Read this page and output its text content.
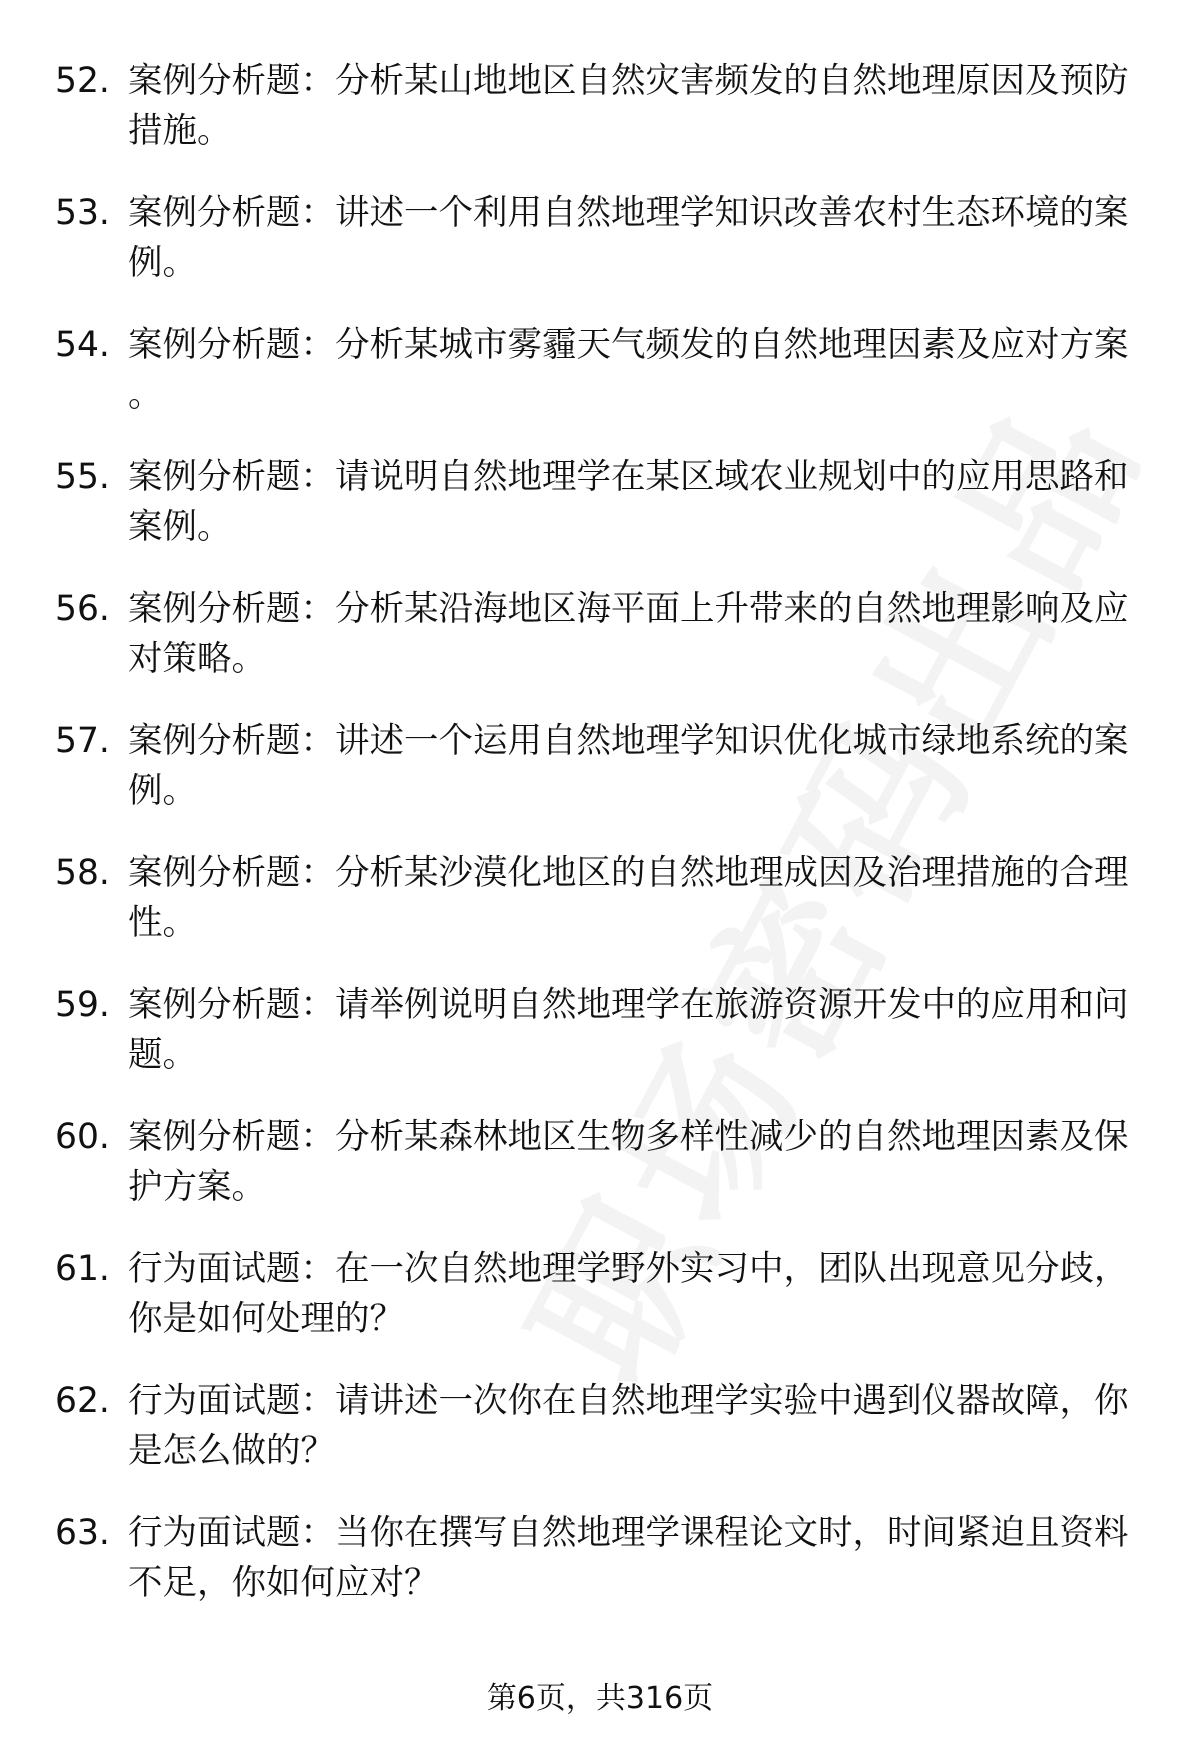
52. 案例分析题：分析某山地地区自然灾害频发的自然地理原因及预防措施。
53. 案例分析题：讲述一个利用自然地理学知识改善农村生态环境的案例。
54. 案例分析题：分析某城市雾霾天气频发的自然地理因素及应对方案。
55. 案例分析题：请说明自然地理学在某区域农业规划中的应用思路和案例。
56. 案例分析题：分析某沿海地区海平面上升带来的自然地理影响及应对策略。
57. 案例分析题：讲述一个运用自然地理学知识优化城市绿地系统的案例。
58. 案例分析题：分析某沙漠化地区的自然地理成因及治理措施的合理性。
59. 案例分析题：请举例说明自然地理学在旅游资源开发中的应用和问题。
60. 案例分析题：分析某森林地区生物多样性减少的自然地理因素及保护方案。
61. 行为面试题：在一次自然地理学野外实习中，团队出现意见分歧，你是如何处理的？
62. 行为面试题：请讲述一次你在自然地理学实验中遇到仪器故障，你是怎么做的？
63. 行为面试题：当你在撰写自然地理学课程论文时，时间紧迫且资料不足，你如何应对？
第6页，共316页
